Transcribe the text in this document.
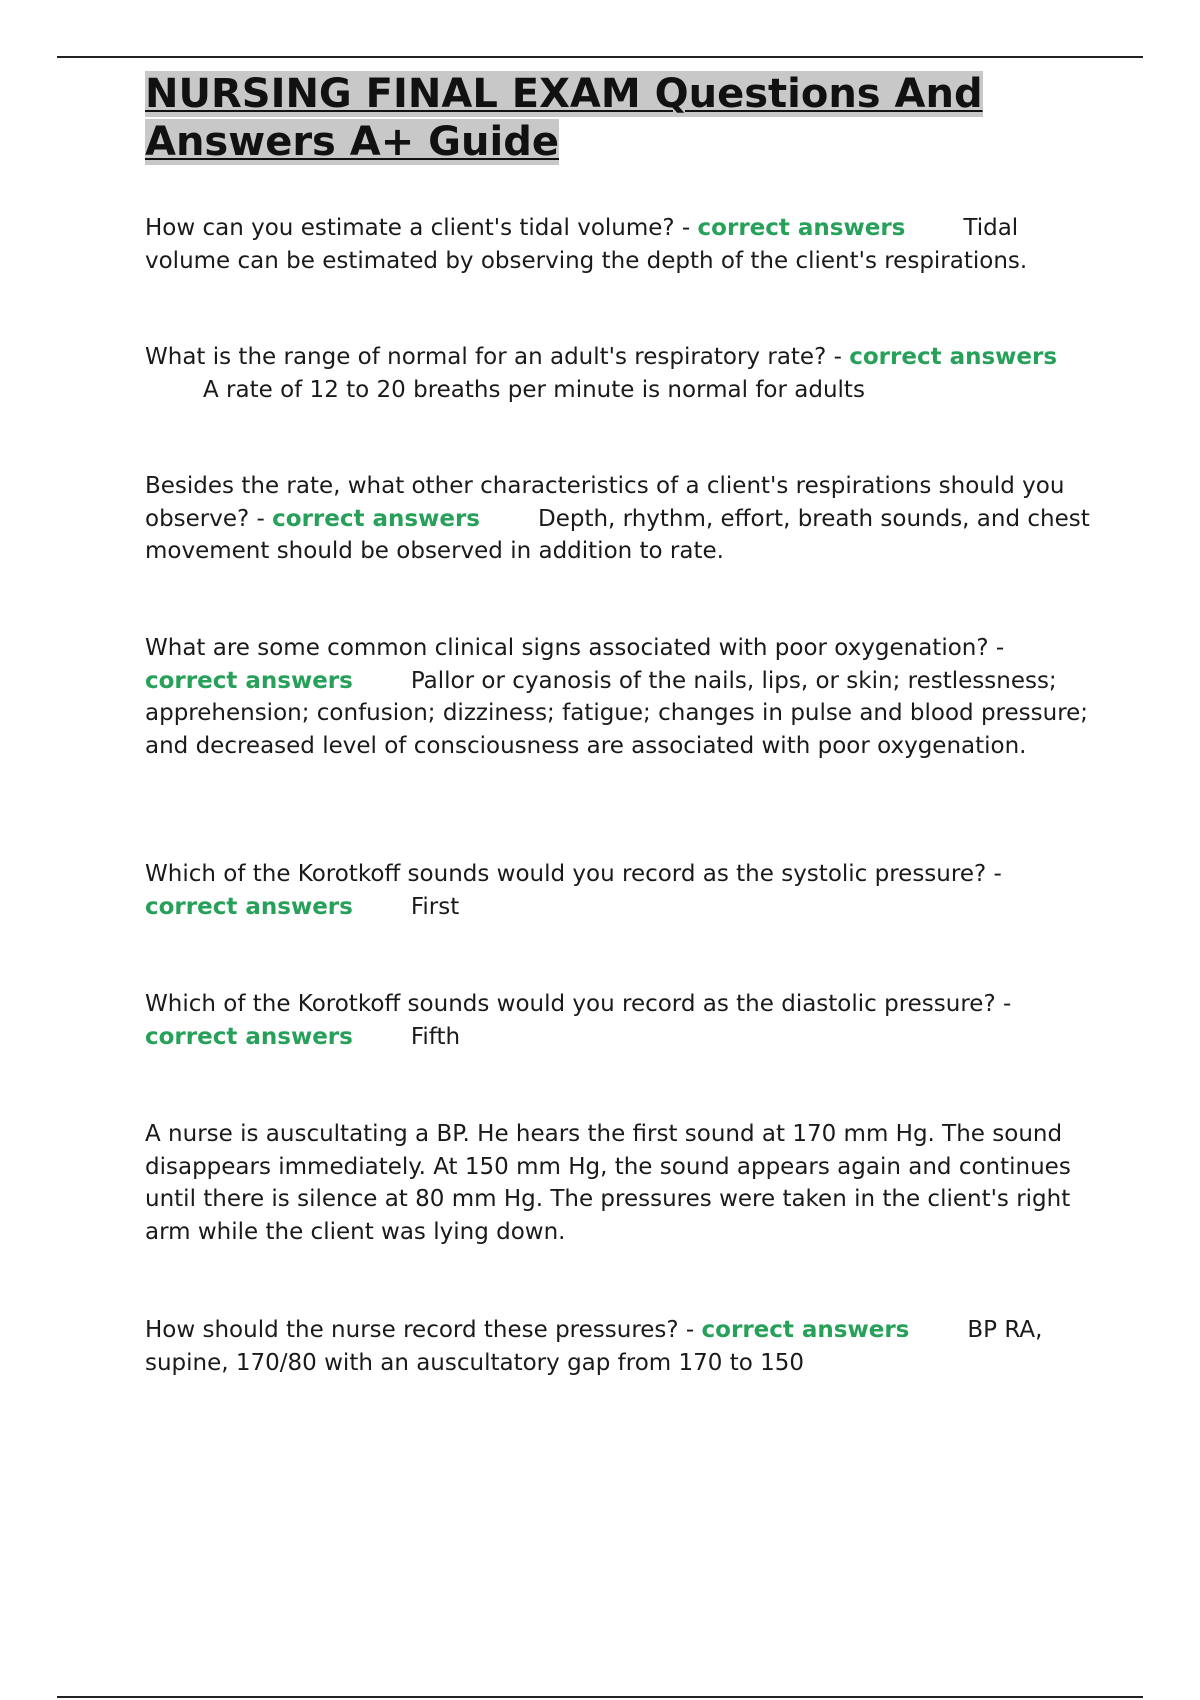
NURSING FINAL EXAM Questions And Answers A+ Guide

How can you estimate a client's tidal volume? - correct answers	Tidal volume can be estimated by observing the depth of the client's respirations.

What is the range of normal for an adult's respiratory rate? - correct answersA rate of 12 to 20 breaths per minute is normal for adults

Besides the rate, what other characteristics of a client's respirations should you observe? - correct answers	Depth, rhythm, effort, breath sounds, and chest movement should be observed in addition to rate.

What are some common clinical signs associated with poor oxygenation? - correct answers	Pallor or cyanosis of the nails, lips, or skin; restlessness; apprehension; confusion; dizziness; fatigue; changes in pulse and blood pressure; and decreased level of consciousness are associated with poor oxygenation.

Which of the Korotkoff sounds would you record as the systolic pressure? - correct answers	First

Which of the Korotkoff sounds would you record as the diastolic pressure? - correct answers	Fifth

A nurse is auscultating a BP. He hears the first sound at 170 mm Hg. The sound disappears immediately. At 150 mm Hg, the sound appears again and continues until there is silence at 80 mm Hg. The pressures were taken in the client's right arm while the client was lying down.

How should the nurse record these pressures? - correct answers	BP RA, supine, 170/80 with an auscultatory gap from 170 to 150
